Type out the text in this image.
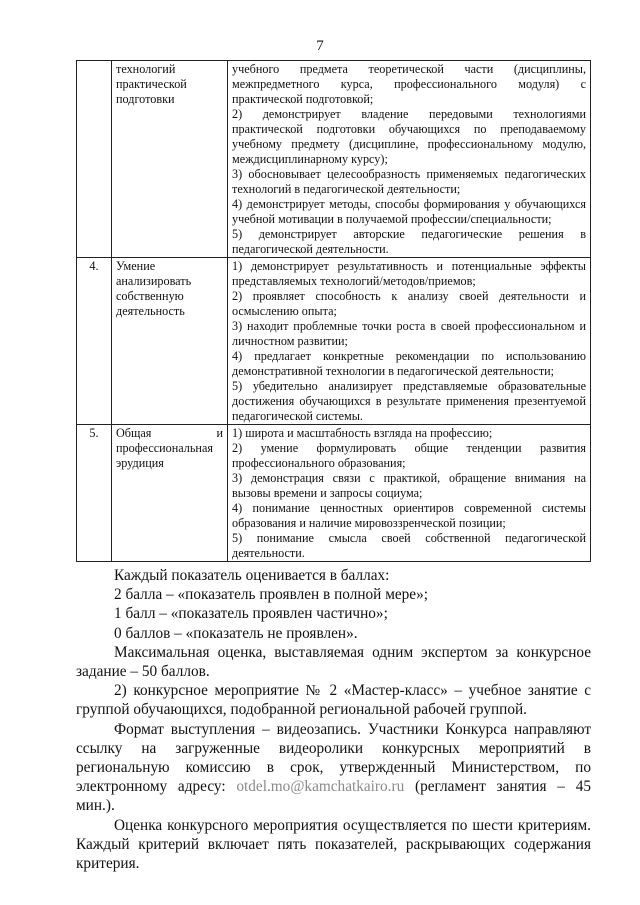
7
	технологий практической подготовки	учебного предмета теоретической части (дисциплины, межпредметного курса, профессионального модуля) с практической подготовкой;
2) демонстрирует владение передовыми технологиями практической подготовки обучающихся по преподаваемому учебному предмету (дисциплине, профессиональному модулю, междисциплинарному курсу);
3) обосновывает целесообразность применяемых педагогических технологий в педагогической деятельности;
4) демонстрирует методы, способы формирования у обучающихся учебной мотивации в получаемой профессии/специальности;
5) демонстрирует авторские педагогические решения в педагогической деятельности.

4.	Умение анализировать собственную деятельность	1) демонстрирует результативность и потенциальные эффекты представляемых технологий/методов/приемов;
2) проявляет способность к анализу своей деятельности и осмыслению опыта;
3) находит проблемные точки роста в своей профессиональном и личностном развитии;
4) предлагает конкретные рекомендации по использованию демонстративной технологии в педагогической деятельности;
5) убедительно анализирует представляемые образовательные достижения обучающихся в результате применения презентуемой педагогической системы.

5.	Общая и
профессиональная эрудиция	1) широта и масштабность взгляда на профессию;
2) умение формулировать общие тенденции развития профессионального образования;
3) демонстрация связи с практикой, обращение внимания на вызовы времени и запросы социума;
4) понимание ценностных ориентиров современной системы образования и наличие мировоззренческой позиции;
5) понимание смысла своей собственной педагогической деятельности.

Каждый показатель оценивается в баллах:

2 балла – «показатель проявлен в полной мере»;

1 балл – «показатель проявлен частично»;

0 баллов – «показатель не проявлен».

Максимальная оценка, выставляемая одним экспертом за конкурсное задание – 50 баллов.

2) конкурсное мероприятие № 2 «Мастер-класс» – учебное занятие с группой обучающихся, подобранной региональной рабочей группой.

Формат выступления – видеозапись. Участники Конкурса направляют ссылку на загруженные видеоролики конкурсных мероприятий в региональную комиссию в срок, утвержденный Министерством, по электронному адресу: otdel.mo@kamchatkairo.ru (регламент занятия – 45 мин.).

Оценка конкурсного мероприятия осуществляется по шести критериям. Каждый критерий включает пять показателей, раскрывающих содержания критерия.
